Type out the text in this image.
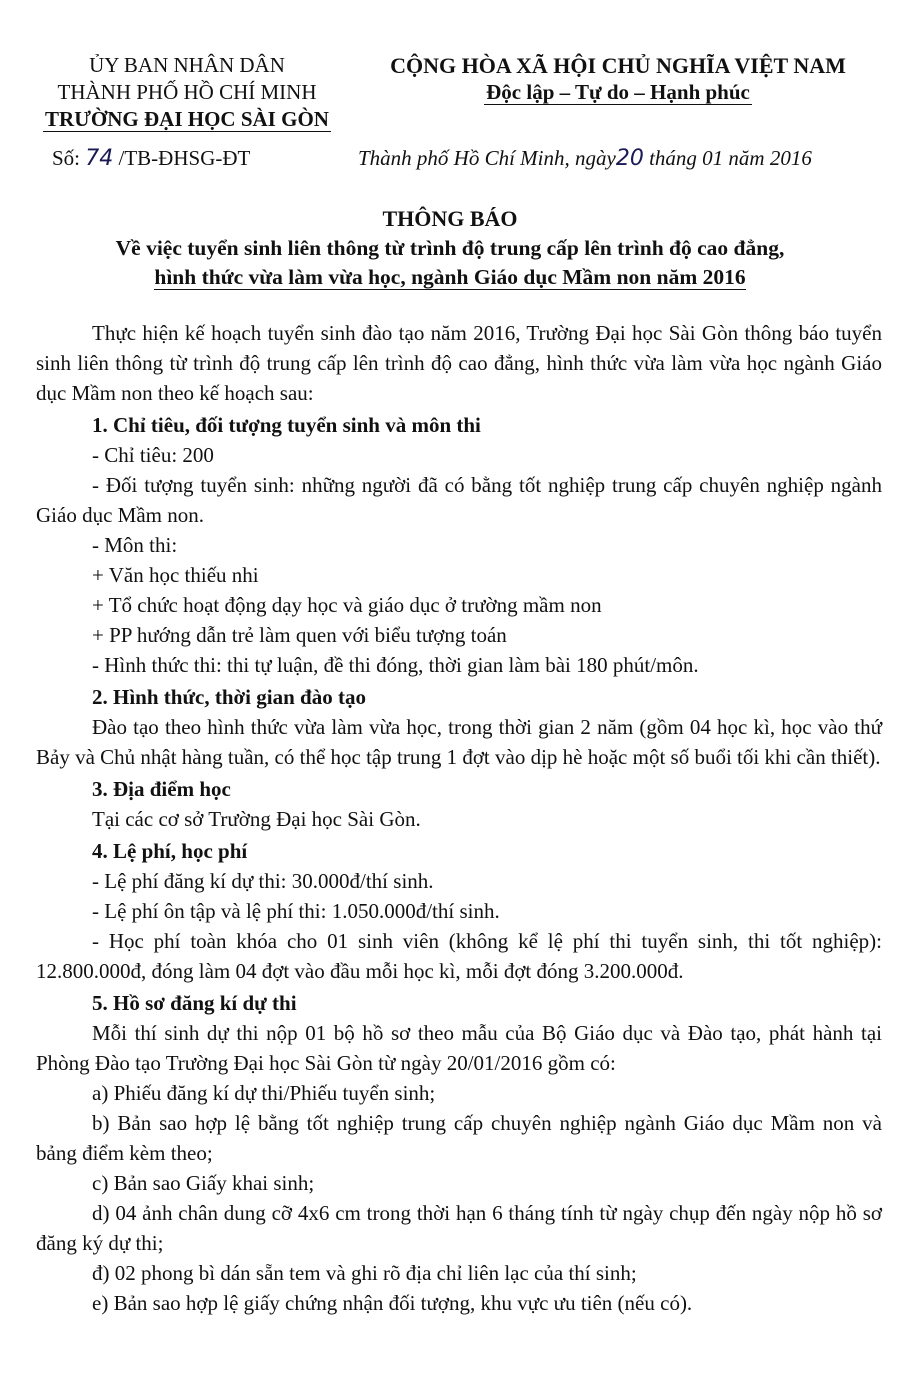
ỦY BAN NHÂN DÂN
THÀNH PHỐ HỒ CHÍ MINH
TRƯỜNG ĐẠI HỌC SÀI GÒN
CỘNG HÒA XÃ HỘI CHỦ NGHĨA VIỆT NAM
Độc lập – Tự do – Hạnh phúc
Số: 74 /TB-ĐHSG-ĐT	Thành phố Hồ Chí Minh, ngày20 tháng 01 năm 2016
THÔNG BÁO
Về việc tuyển sinh liên thông từ trình độ trung cấp lên trình độ cao đẳng,
hình thức vừa làm vừa học, ngành Giáo dục Mầm non năm 2016

Thực hiện kế hoạch tuyển sinh đào tạo năm 2016, Trường Đại học Sài Gòn thông báo tuyển sinh liên thông từ trình độ trung cấp lên trình độ cao đẳng, hình thức vừa làm vừa học ngành Giáo dục Mầm non theo kế hoạch sau:

1. Chỉ tiêu, đối tượng tuyển sinh và môn thi

- Chỉ tiêu: 200

- Đối tượng tuyển sinh: những người đã có bằng tốt nghiệp trung cấp chuyên nghiệp ngành Giáo dục Mầm non.

- Môn thi:

+ Văn học thiếu nhi

+ Tổ chức hoạt động dạy học và giáo dục ở trường mầm non

+ PP hướng dẫn trẻ làm quen với biểu tượng toán

- Hình thức thi: thi tự luận, đề thi đóng, thời gian làm bài 180 phút/môn.

2. Hình thức, thời gian đào tạo

Đào tạo theo hình thức vừa làm vừa học, trong thời gian 2 năm (gồm 04 học kì, học vào thứ Bảy và Chủ nhật hàng tuần, có thể học tập trung 1 đợt vào dịp hè hoặc một số buổi tối khi cần thiết).

3. Địa điểm học

Tại các cơ sở Trường Đại học Sài Gòn.

4. Lệ phí, học phí

- Lệ phí đăng kí dự thi: 30.000đ/thí sinh.

- Lệ phí ôn tập và lệ phí thi: 1.050.000đ/thí sinh.

- Học phí toàn khóa cho 01 sinh viên (không kể lệ phí thi tuyển sinh, thi tốt nghiệp): 12.800.000đ, đóng làm 04 đợt vào đầu mỗi học kì, mỗi đợt đóng 3.200.000đ.

5. Hồ sơ đăng kí dự thi

Mỗi thí sinh dự thi nộp 01 bộ hồ sơ theo mẫu của Bộ Giáo dục và Đào tạo, phát hành tại Phòng Đào tạo Trường Đại học Sài Gòn từ ngày 20/01/2016 gồm có:

a) Phiếu đăng kí dự thi/Phiếu tuyển sinh;

b) Bản sao hợp lệ bằng tốt nghiệp trung cấp chuyên nghiệp ngành Giáo dục Mầm non và bảng điểm kèm theo;

c) Bản sao Giấy khai sinh;

d) 04 ảnh chân dung cỡ 4x6 cm trong thời hạn 6 tháng tính từ ngày chụp đến ngày nộp hồ sơ đăng ký dự thi;

đ) 02 phong bì dán sẵn tem và ghi rõ địa chỉ liên lạc của thí sinh;

e) Bản sao hợp lệ giấy chứng nhận đối tượng, khu vực ưu tiên (nếu có).
